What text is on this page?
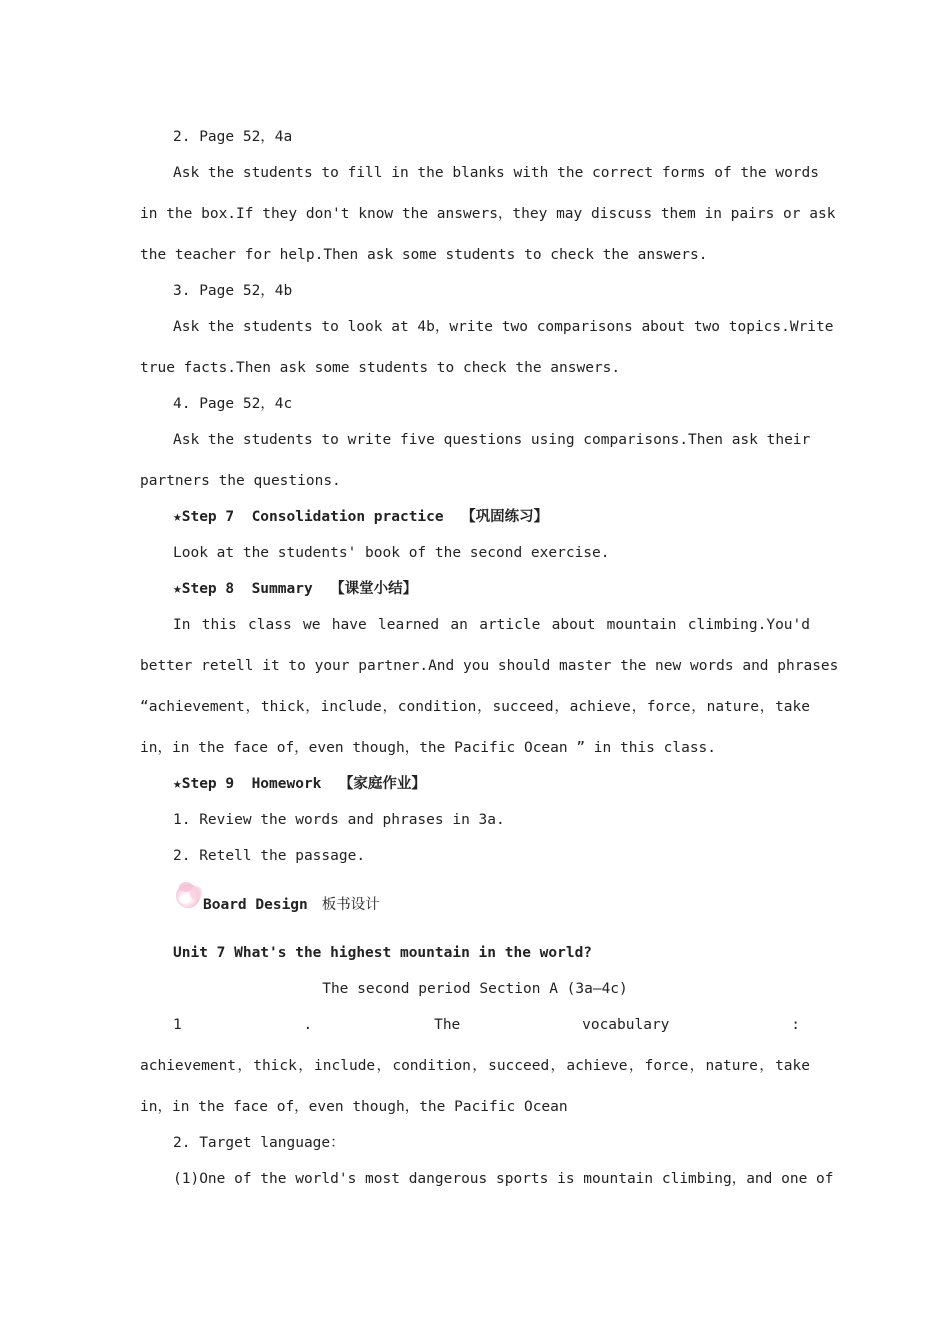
2. Page 52，4a
Ask the students to fill in the blanks with the correct forms of the words
in the box.If they don't know the answers，they may discuss them in pairs or ask
the teacher for help.Then ask some students to check the answers.
3. Page 52，4b
Ask the students to look at 4b，write two comparisons about two topics.Write
true facts.Then ask some students to check the answers.
4. Page 52，4c
Ask the students to write five questions using comparisons.Then ask their
partners the questions.
★Step 7  Consolidation practice  【巩固练习】
Look at the students' book of the second exercise.
★Step 8  Summary  【课堂小结】
In this class we have learned an article about mountain climbing.You'd
better retell it to your partner.And you should master the new words and phrases
“achievement，thick，include，condition，succeed，achieve，force，nature，take
in，in the face of，even though，the Pacific Ocean ” in this class.
★Step 9  Homework  【家庭作业】
1. Review the words and phrases in 3a.
2. Retell the passage.
Board Design 板书设计
Unit 7 What's the highest mountain in the world?
The second period Section A (3a—4c)
1	.	The	vocabulary	:
achievement，thick，include，condition，succeed，achieve，force，nature，take
in，in the face of，even though，the Pacific Ocean
2. Target language：
(1)One of the world's most dangerous sports is mountain climbing，and one of
